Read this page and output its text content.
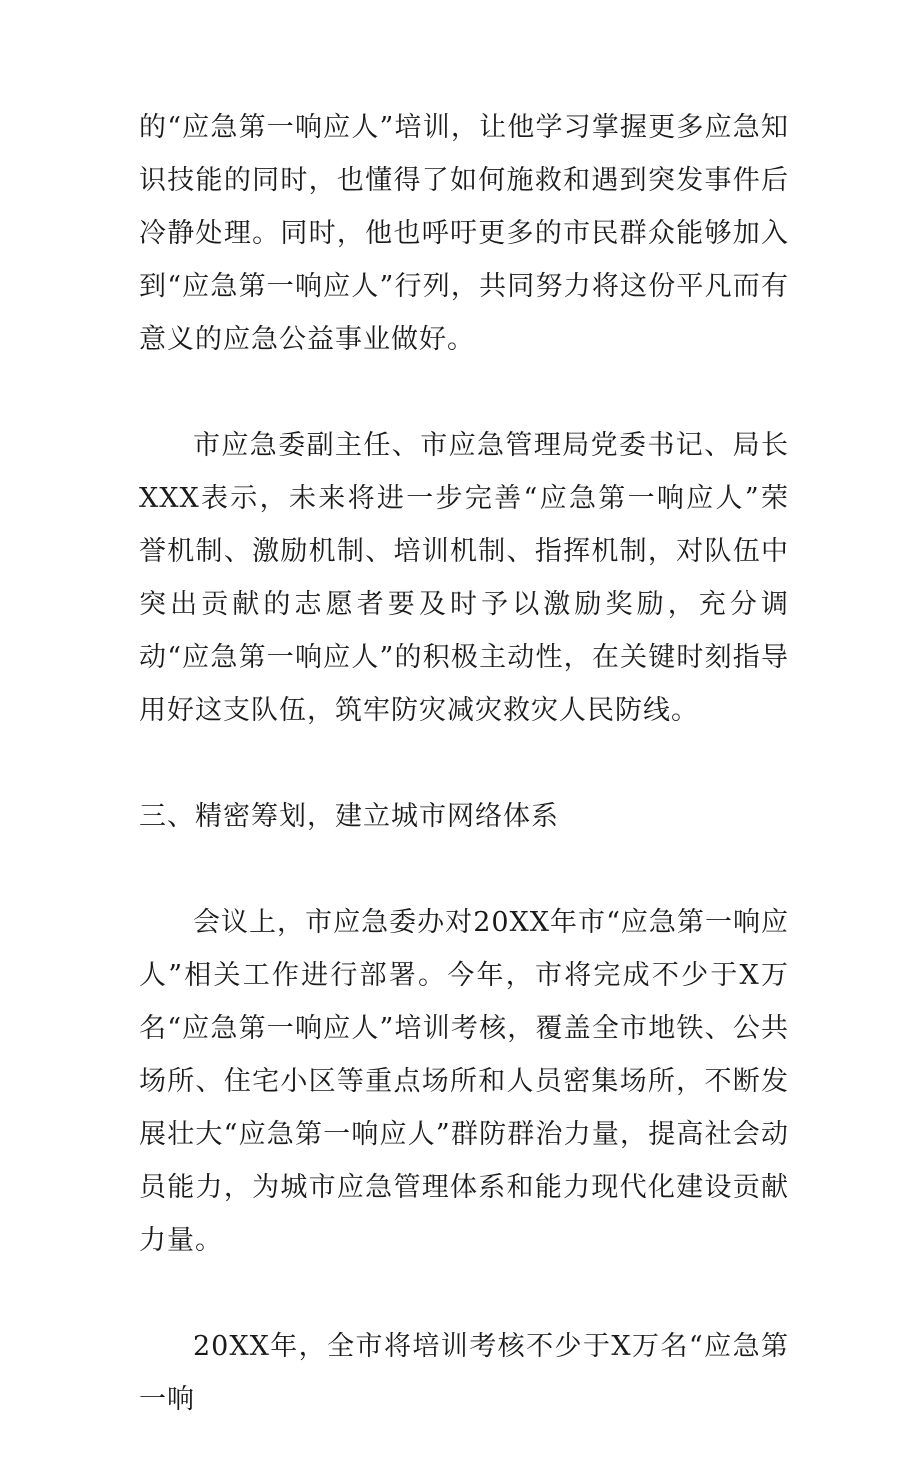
的“应急第一响应人”培训，让他学习掌握更多应急知识技能的同时，也懂得了如何施救和遇到突发事件后冷静处理。同时，他也呼吁更多的市民群众能够加入到“应急第一响应人”行列，共同努力将这份平凡而有意义的应急公益事业做好。

市应急委副主任、市应急管理局党委书记、局长XXX表示，未来将进一步完善“应急第一响应人”荣誉机制、激励机制、培训机制、指挥机制，对队伍中突出贡献的志愿者要及时予以激励奖励，充分调动“应急第一响应人”的积极主动性，在关键时刻指导用好这支队伍，筑牢防灾减灾救灾人民防线。

三、精密筹划，建立城市网络体系

会议上，市应急委办对20XX年市“应急第一响应人”相关工作进行部署。今年，市将完成不少于X万名“应急第一响应人”培训考核，覆盖全市地铁、公共场所、住宅小区等重点场所和人员密集场所，不断发展壮大“应急第一响应人”群防群治力量，提高社会动员能力，为城市应急管理体系和能力现代化建设贡献力量。

20XX年，全市将培训考核不少于X万名“应急第一响
